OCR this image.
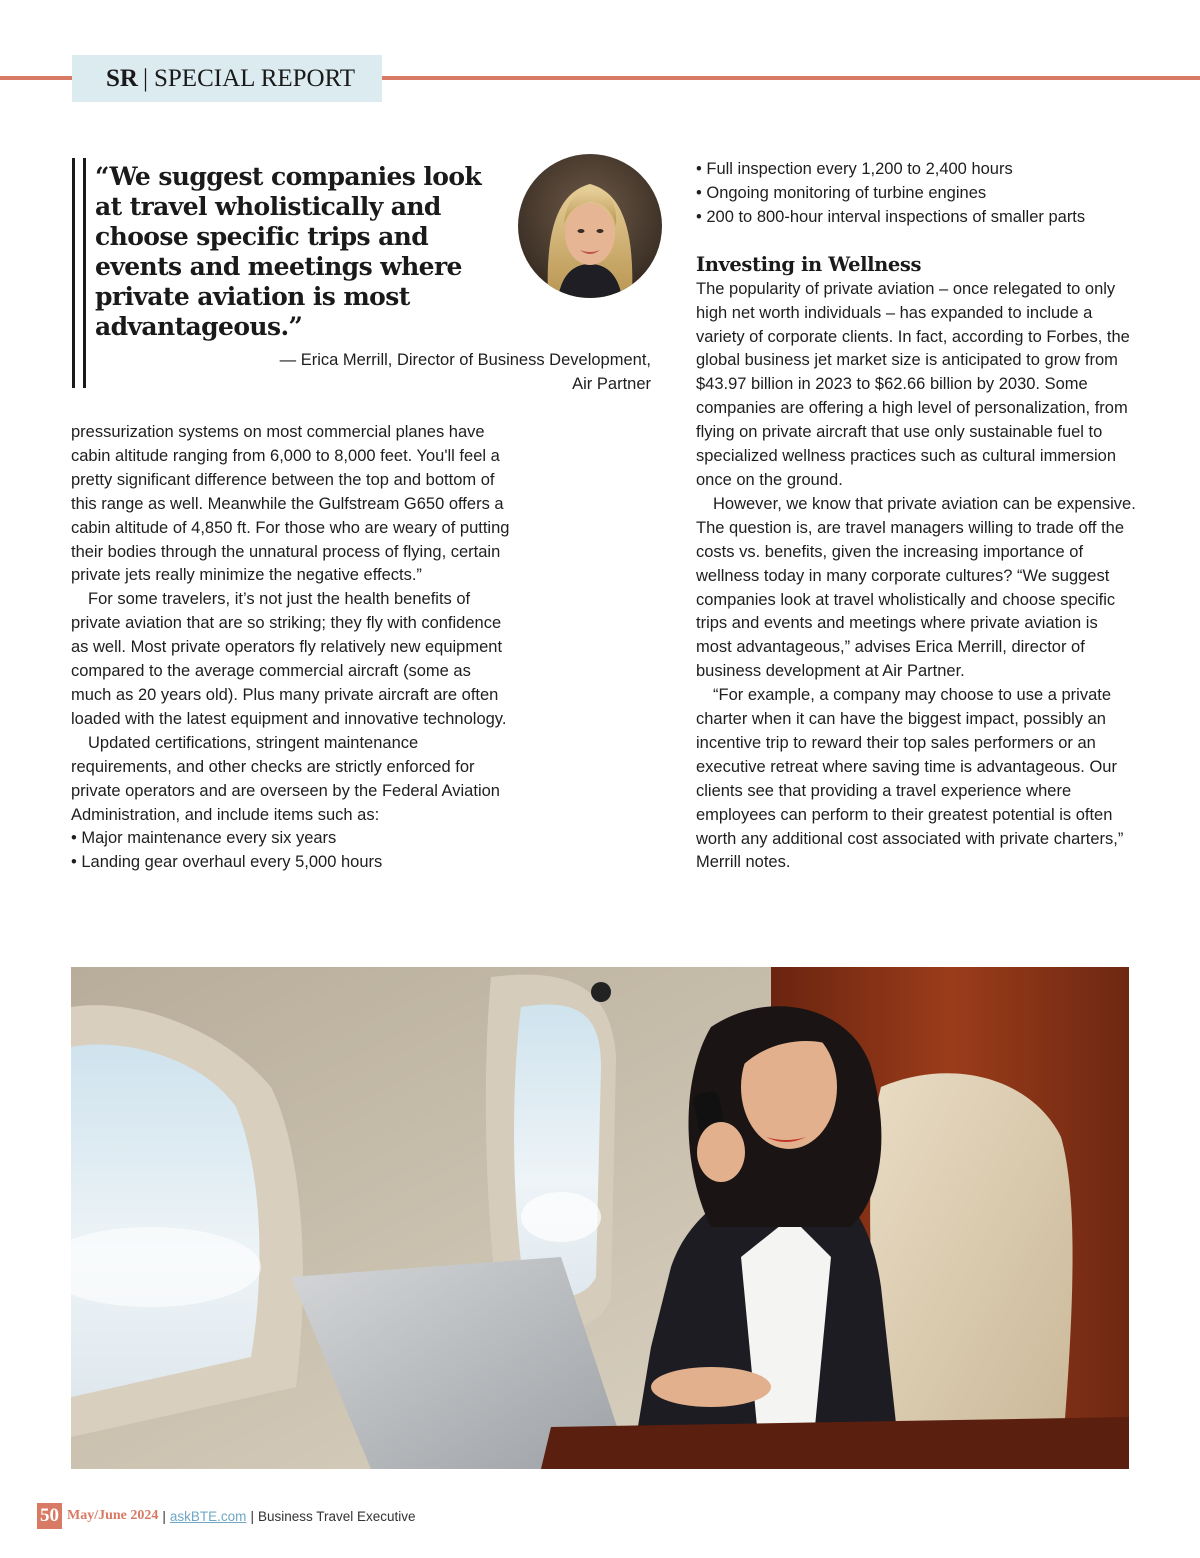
SR | SPECIAL REPORT
“We suggest companies look at travel wholistically and choose specific trips and events and meetings where private aviation is most advantageous.”
— Erica Merrill, Director of Business Development,
Air Partner

pressurization systems on most commercial planes have cabin altitude ranging from 6,000 to 8,000 feet. You'll feel a pretty significant difference between the top and bottom of this range as well. Meanwhile the Gulfstream G650 offers a cabin altitude of 4,850 ft. For those who are weary of putting their bodies through the unnatural process of flying, certain private jets really minimize the negative effects.”

For some travelers, it’s not just the health benefits of private aviation that are so striking; they fly with confidence as well. Most private operators fly relatively new equipment compared to the average commercial aircraft (some as much as 20 years old). Plus many private aircraft are often loaded with the latest equipment and innovative technology.

Updated certifications, stringent maintenance requirements, and other checks are strictly enforced for private operators and are overseen by the Federal Aviation Administration, and include items such as:

• Major maintenance every six years
• Landing gear overhaul every 5,000 hours
• Full inspection every 1,200 to 2,400 hours
• Ongoing monitoring of turbine engines
• 200 to 800-hour interval inspections of smaller parts
Investing in Wellness

The popularity of private aviation – once relegated to only high net worth individuals – has expanded to include a variety of corporate clients. In fact, according to Forbes, the global business jet market size is anticipated to grow from $43.97 billion in 2023 to $62.66 billion by 2030. Some companies are offering a high level of personalization, from flying on private aircraft that use only sustainable fuel to specialized wellness practices such as cultural immersion once on the ground.

However, we know that private aviation can be expensive. The question is, are travel managers willing to trade off the costs vs. benefits, given the increasing importance of wellness today in many corporate cultures? “We suggest companies look at travel wholistically and choose specific trips and events and meetings where private aviation is most advantageous,” advises Erica Merrill, director of business development at Air Partner.

“For example, a company may choose to use a private charter when it can have the biggest impact, possibly an incentive trip to reward their top sales performers or an executive retreat where saving time is advantageous. Our clients see that providing a travel experience where employees can perform to their greatest potential is often worth any additional cost associated with private charters,” Merrill notes.

50 May/June 2024 | askBTE.com | Business Travel Executive
